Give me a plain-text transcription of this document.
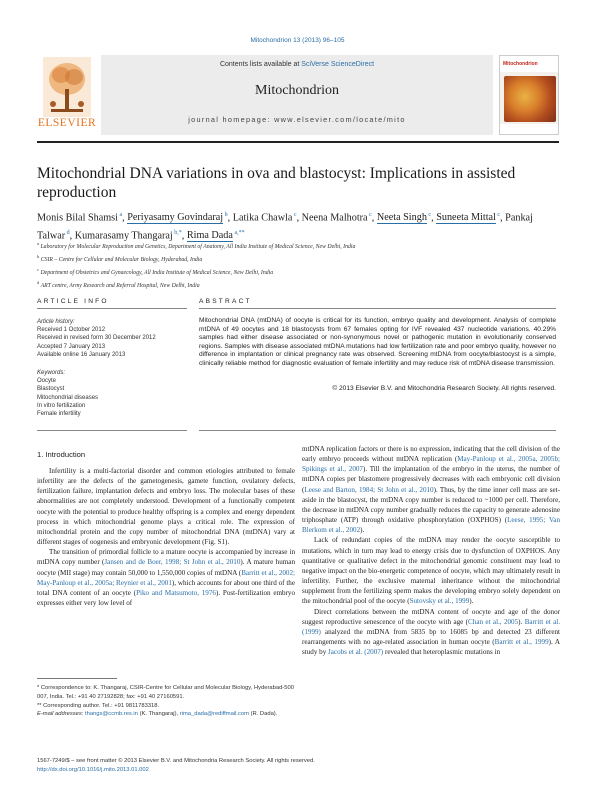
Mitochondrion 13 (2013) 96–105
ELSEVIER
Contents lists available at SciVerse ScienceDirect
Mitochondrion
journal homepage: www.elsevier.com/locate/mito
Mitochondrion
Mitochondrial DNA variations in ova and blastocyst: Implications in assisted reproduction
Monis Bilal Shamsi $^a$, Periyasamy Govindaraj $^b$, Latika Chawla $^c$, Neena Malhotra $^c$, Neeta Singh $^c$, Suneeta Mittal $^c$, Pankaj Talwar $^d$, Kumarasamy Thangaraj $^{b,*}$, Rima Dada $^{a,**}$
$^a$ Laboratory for Molecular Reproduction and Genetics, Department of Anatomy, All India Institute of Medical Science, New Delhi, India
$^b$ CSIR – Centre for Cellular and Molecular Biology, Hyderabad, India
$^c$ Department of Obstetrics and Gynaecology, All India Institute of Medical Science, New Delhi, India
$^d$ ART centre, Army Research and Referral Hospital, New Delhi, India
ARTICLE INFO	ABSTRACT
Article history:
Received 1 October 2012
Received in revised form 30 December 2012
Accepted 7 January 2013
Available online 16 January 2013
Keywords:
Oocyte
Blastocyst
Mitochondrial diseases
In vitro fertilization
Female infertility
Mitochondrial DNA (mtDNA) of oocyte is critical for its function, embryo quality and development. Analysis of complete mtDNA of 49 oocytes and 18 blastocysts from 67 females opting for IVF revealed 437 nucleotide variations. 40.29% samples had either disease associated or non-synonymous novel or pathogenic mutation in evolutionarily conserved regions. Samples with disease associated mtDNA mutations had low fertilization rate and poor embryo quality, however no difference in implantation or clinical pregnancy rate was observed. Screening mtDNA from oocyte/blastocyst is a simple, clinically reliable method for diagnostic evaluation of female infertility and may reduce risk of mtDNA disease transmission.
© 2013 Elsevier B.V. and Mitochondria Research Society. All rights reserved.
1. Introduction

Infertility is a multi-factorial disorder and common etiologies attributed to female infertility are the defects of the gametogenesis, gamete function, ovulatory defects, fertilization failure, implantation defects and embryo loss. The molecular bases of these abnormalities are not completely understood. Development of a functionally competent oocyte with the potential to produce healthy offspring is a complex and energy dependent process in which mitochondrial genome plays a critical role. The expression of mitochondrial protein and the copy number of mitochondrial DNA (mtDNA) vary at different stages of oogenesis and embryonic development (Fig. S1).

The transition of primordial follicle to a mature oocyte is accompanied by increase in mtDNA copy number (Jansen and de Boer, 1998; St John et al., 2010). A mature human oocyte (MII stage) may contain 50,000 to 1,550,000 copies of mtDNA (Barritt et al., 2002; May-Panloup et al., 2005a; Reynier et al., 2001), which accounts for about one third of the total DNA content of an oocyte (Piko and Matsumoto, 1976). Post-fertilization embryo expresses either very low level of

mtDNA replication factors or there is no expression, indicating that the cell division of the early embryo proceeds without mtDNA replication (May-Panloup et al., 2005a, 2005b; Spikings et al., 2007). Till the implantation of the embryo in the uterus, the number of mtDNA copies per blastomere progressively decreases with each embryonic cell division (Leese and Barton, 1984; St John et al., 2010). Thus, by the time inner cell mass are set-aside in the blastocyst, the mtDNA copy number is reduced to ~1000 per cell. Therefore, the decrease in mtDNA copy number gradually reduces the capacity to generate adenosine triphosphate (ATP) through oxidative phosphorylation (OXPHOS) (Leese, 1995; Van Blerkom et al., 2002).

Lack of redundant copies of the mtDNA may render the oocyte susceptible to mutations, which in turn may lead to energy crisis due to dysfunction of OXPHOS. Any quantitative or qualitative defect in the mitochondrial genomic constituent may lead to negative impact on the bio-energetic competence of oocyte, which may ultimately result in infertility. Further, the exclusive maternal inheritance without the mitochondrial supplement from the fertilizing sperm makes the developing embryo solely dependent on the mitochondrial pool of the oocyte (Sutovsky et al., 1999).

Direct correlations between the mtDNA content of oocyte and age of the donor suggest reproductive senescence of the oocyte with age (Chan et al., 2005). Barritt et al. (1999) analyzed the mtDNA from 5835 bp to 16085 bp and detected 23 different rearrangements with no age-related association in human oocyte (Barritt et al., 1999). A study by Jacobs et al. (2007) revealed that heteroplasmic mutations in

* Correspondence to: K. Thangaraj, CSIR-Centre for Cellular and Molecular Biology, Hyderabad-500 007, India. Tel.: +91 40 27192828; fax: +91 40 27160591.
** Corresponding author. Tel.: +91 9811783318.
E-mail addresses: thangs@ccmb.res.in (K. Thangaraj), rima_dada@rediffmail.com (R. Dada).
1567-7249/$ – see front matter © 2013 Elsevier B.V. and Mitochondria Research Society. All rights reserved.
http://dx.doi.org/10.1016/j.mito.2013.01.002
